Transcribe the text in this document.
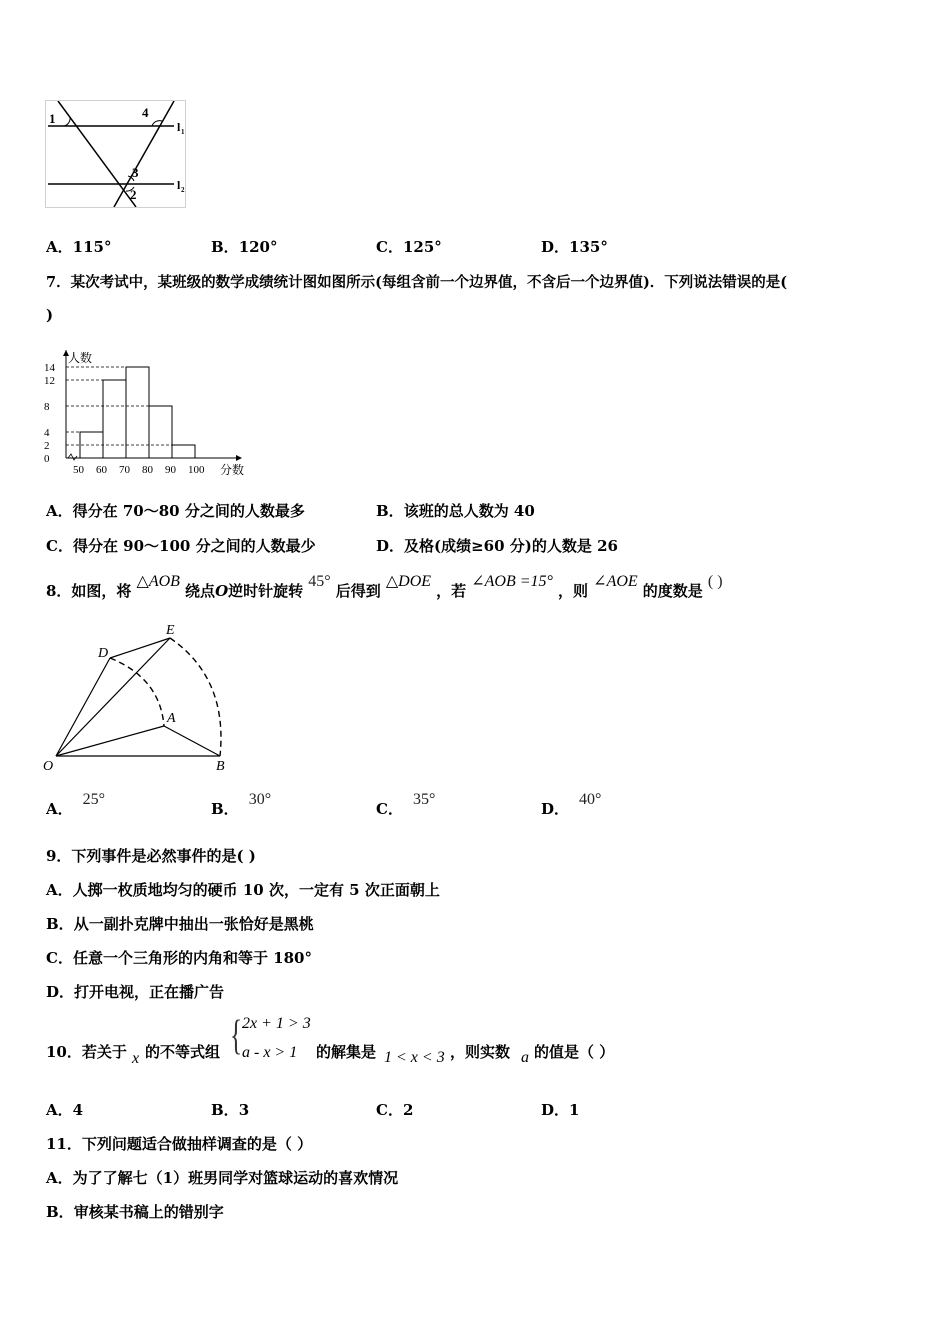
1	4
3
2
l 1
l 2
A．115°	B．120°	C．125°	D．135°
7．某次考试中，某班级的数学成绩统计图如图所示(每组含前一个边界值，不含后一个边界值)．下列说法错误的是(
)
人数
分数
0
2
4
8
12
14
50 60 70 80 90 100
A．得分在 70～80 分之间的人数最多	B．该班的总人数为 40
C．得分在 90～100 分之间的人数最少	D．及格(成绩≥60 分)的人数是 26
8．如图，将 △AOB 绕点O逆时针旋转 45° 后得到 △DOE ，若 ∠AOB =15° ，则 ∠AOE 的度数是 ( )
D
E
A
O	B
A．25°
B．30°
C．35°
D．40°
9．下列事件是必然事件的是( )
A．人掷一枚质地均匀的硬币 10 次，一定有 5 次正面朝上
B．从一副扑克牌中抽出一张恰好是黑桃
C．任意一个三角形的内角和等于 180°
D．打开电视，正在播广告
10．若关于 x 的不等式组 { 2x + 1 > 3
a - x > 1 的解集是 1 < x < 3 ，则实数 a 的值是（ ）
A．4	B．3	C．2	D．1
11．下列问题适合做抽样调查的是（ ）
A．为了了解七（1）班男同学对篮球运动的喜欢情况
B．审核某书稿上的错别字
